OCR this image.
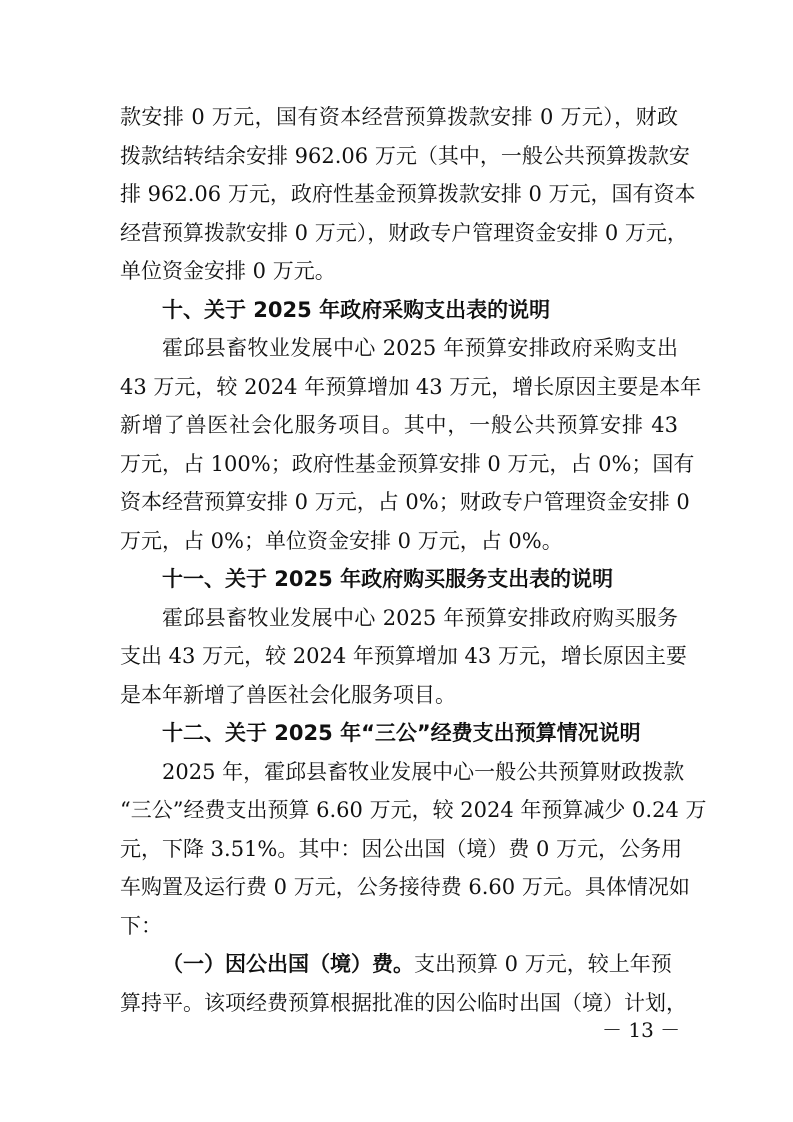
款安排 0 万元，国有资本经营预算拨款安排 0 万元），财政
拨款结转结余安排 962.06 万元（其中，一般公共预算拨款安
排 962.06 万元，政府性基金预算拨款安排 0 万元，国有资本
经营预算拨款安排 0 万元），财政专户管理资金安排 0 万元，
单位资金安排 0 万元。
十、关于 2025 年政府采购支出表的说明
霍邱县畜牧业发展中心 2025 年预算安排政府采购支出
43 万元，较 2024 年预算增加 43 万元，增长原因主要是本年
新增了兽医社会化服务项目。其中，一般公共预算安排 43
万元，占 100%；政府性基金预算安排 0 万元，占 0%；国有
资本经营预算安排 0 万元，占 0%；财政专户管理资金安排 0
万元，占 0%；单位资金安排 0 万元，占 0%。
十一、关于 2025 年政府购买服务支出表的说明
霍邱县畜牧业发展中心 2025 年预算安排政府购买服务
支出 43 万元，较 2024 年预算增加 43 万元，增长原因主要
是本年新增了兽医社会化服务项目。
十二、关于 2025 年“三公”经费支出预算情况说明
2025 年，霍邱县畜牧业发展中心一般公共预算财政拨款
“三公”经费支出预算 6.60 万元，较 2024 年预算减少 0.24 万
元，下降 3.51%。其中：因公出国（境）费 0 万元，公务用
车购置及运行费 0 万元，公务接待费 6.60 万元。具体情况如
下：
（一）因公出国（境）费。支出预算 0 万元，较上年预
算持平。该项经费预算根据批准的因公临时出国（境）计划，
－ 13 －
